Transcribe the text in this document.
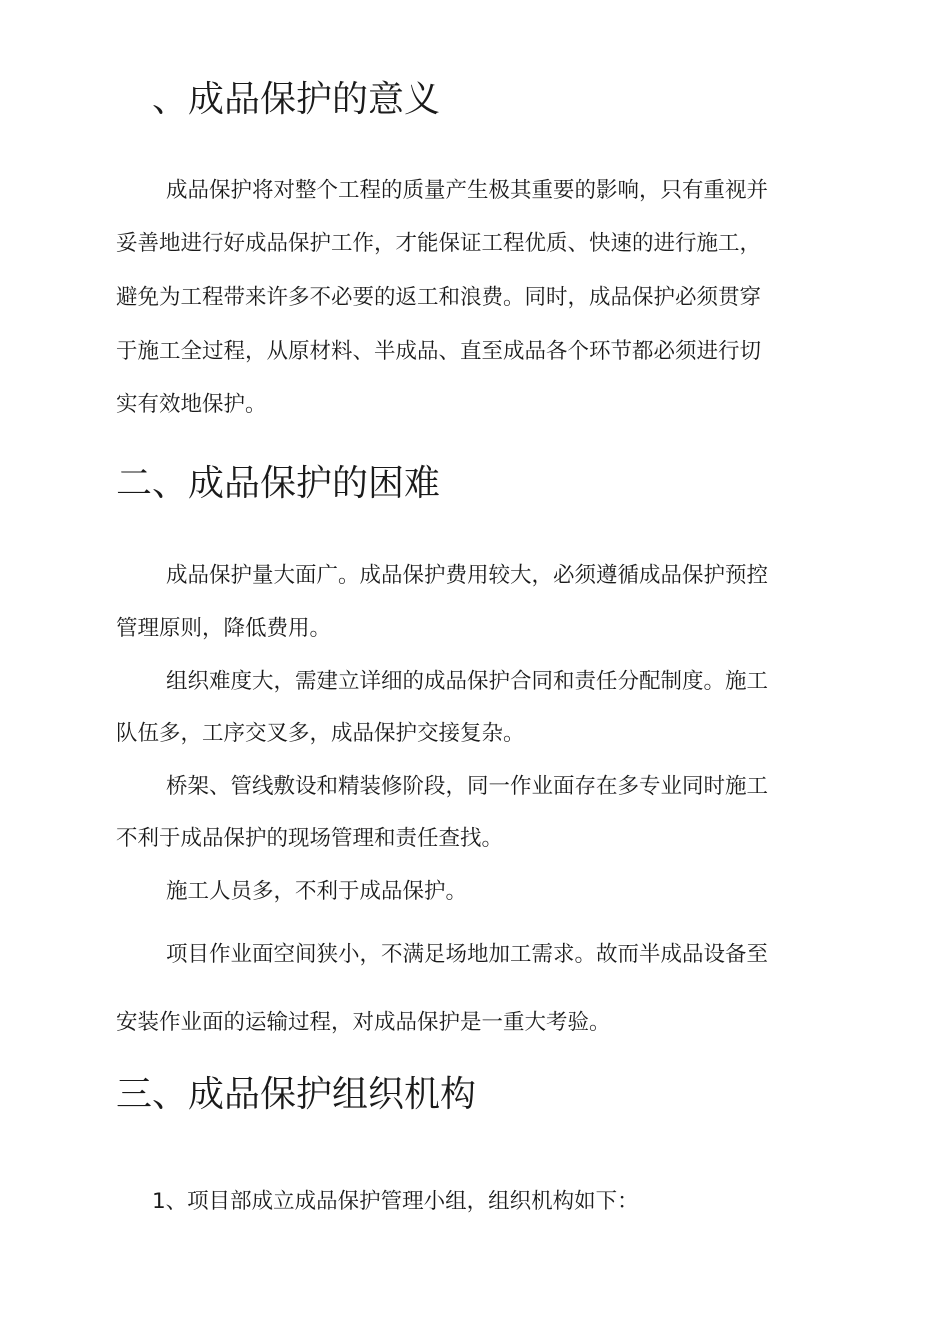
、成品保护的意义

成品保护将对整个工程的质量产生极其重要的影响，只有重视并

妥善地进行好成品保护工作，才能保证工程优质、快速的进行施工，

避免为工程带来许多不必要的返工和浪费。同时，成品保护必须贯穿

于施工全过程，从原材料、半成品、直至成品各个环节都必须进行切

实有效地保护。

二、成品保护的困难

成品保护量大面广。成品保护费用较大，必须遵循成品保护预控

管理原则，降低费用。

组织难度大，需建立详细的成品保护合同和责任分配制度。施工

队伍多，工序交叉多，成品保护交接复杂。

桥架、管线敷设和精装修阶段，同一作业面存在多专业同时施工

不利于成品保护的现场管理和责任查找。

施工人员多，不利于成品保护。

项目作业面空间狭小，不满足场地加工需求。故而半成品设备至

安装作业面的运输过程，对成品保护是一重大考验。

三、成品保护组织机构

1、项目部成立成品保护管理小组，组织机构如下：
